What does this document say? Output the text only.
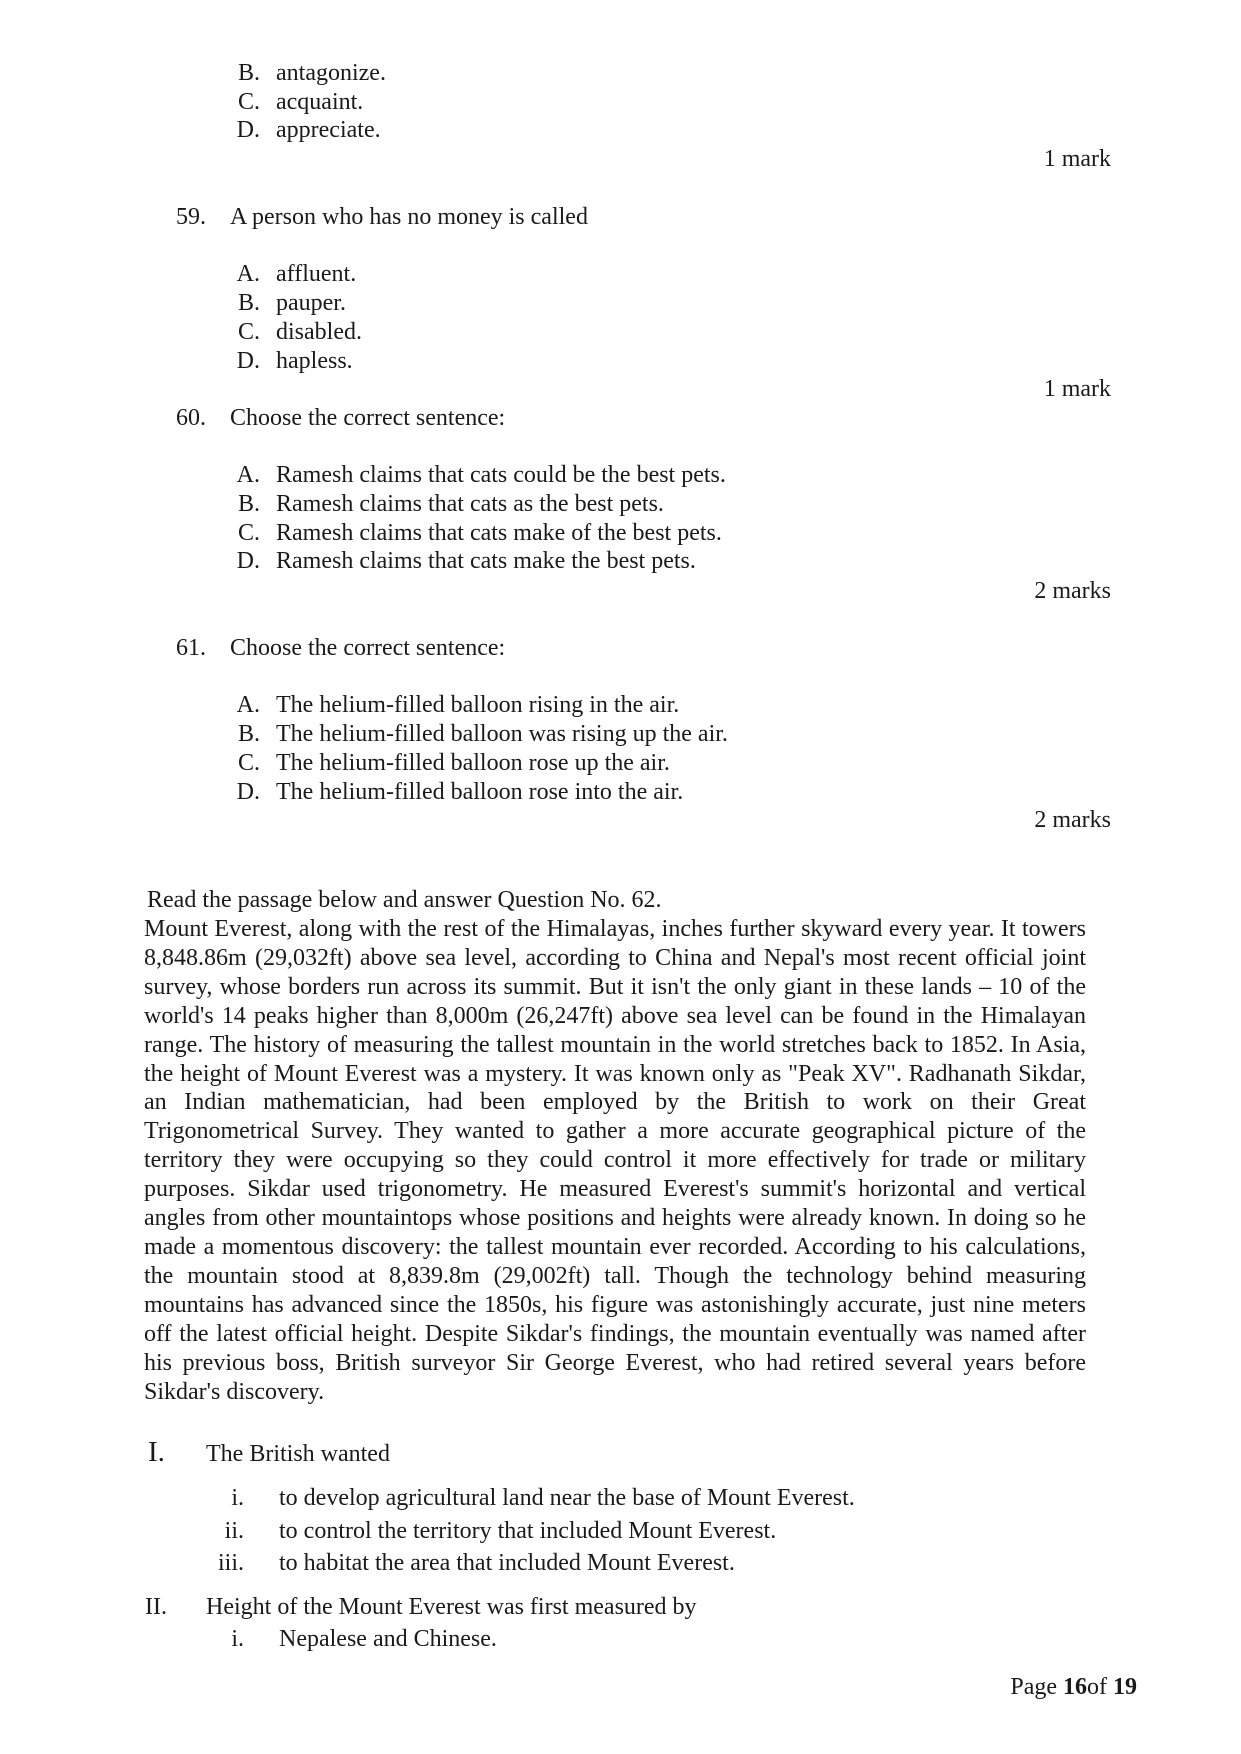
B. antagonize.
C. acquaint.
D. appreciate.
1 mark
59. A person who has no money is called
A. affluent.
B. pauper.
C. disabled.
D. hapless.
1 mark
60. Choose the correct sentence:
A. Ramesh claims that cats could be the best pets.
B. Ramesh claims that cats as the best pets.
C. Ramesh claims that cats make of the best pets.
D. Ramesh claims that cats make the best pets.
2 marks
61. Choose the correct sentence:
A. The helium-filled balloon rising in the air.
B. The helium-filled balloon was rising up the air.
C. The helium-filled balloon rose up the air.
D. The helium-filled balloon rose into the air.
2 marks
Read the passage below and answer Question No. 62.

Mount Everest, along with the rest of the Himalayas, inches further skyward every year. It towers 8,848.86m (29,032ft) above sea level, according to China and Nepal's most recent official joint survey, whose borders run across its summit. But it isn't the only giant in these lands – 10 of the world's 14 peaks higher than 8,000m (26,247ft) above sea level can be found in the Himalayan range. The history of measuring the tallest mountain in the world stretches back to 1852. In Asia, the height of Mount Everest was a mystery. It was known only as "Peak XV". Radhanath Sikdar, an Indian mathematician, had been employed by the British to work on their Great Trigonometrical Survey. They wanted to gather a more accurate geographical picture of the territory they were occupying so they could control it more effectively for trade or military purposes. Sikdar used trigonometry. He measured Everest's summit's horizontal and vertical angles from other mountaintops whose positions and heights were already known. In doing so he made a momentous discovery: the tallest mountain ever recorded. According to his calculations, the mountain stood at 8,839.8m (29,002ft) tall. Though the technology behind measuring mountains has advanced since the 1850s, his figure was astonishingly accurate, just nine meters off the latest official height. Despite Sikdar's findings, the mountain eventually was named after his previous boss, British surveyor Sir George Everest, who had retired several years before Sikdar's discovery.

I. The British wanted
i. to develop agricultural land near the base of Mount Everest.
ii. to control the territory that included Mount Everest.
iii. to habitat the area that included Mount Everest.
II. Height of the Mount Everest was first measured by
i. Nepalese and Chinese.
Page 16of 19
